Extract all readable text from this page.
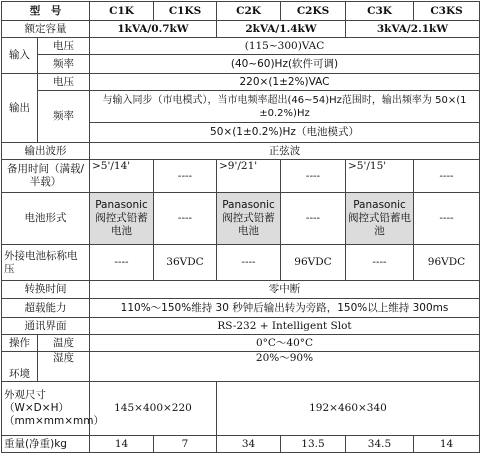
型　号		C1K	C1KS	C2K	C2KS	C3K	C3KS
额定容量		1kVA/0.7kW		2kVA/1.4kW		3kVA/2.1kW	
输入	电压	(115~300)VAC					
	频率	(40~60)Hz(软件可调)					
输出	电压	220×(1±2%)VAC					
	频率	与输入同步（市电模式），当市电频率超出(46~54)Hz范围时，输出频率为 50×(1
±0.2%)Hz					

		50×(1±0.2%)Hz（电池模式）					
输出波形		正弦波					
备用时间（满载/半载）		>5'/14'	----	>9'/21'	----	>5'/15'	----
电池形式		Panasonic 阀控式铅蓄电池	----	Panasonic 阀控式铅蓄电池	----	Panasonic 阀控式铅蓄电池	----
外接电池标称电压		----	36VDC	----	96VDC	----	96VDC
转换时间		零中断					
超载能力		110%～150%维持 30 秒钟后输出转为旁路，150%以上维持 300ms					
通讯界面		RS-232 + Intelligent Slot					
操作	温度	0°C～40°C					
环境	湿度	20%～90%					
外观尺寸（W×D×H）（mm×mm×mm）		145×400×220		192×460×340			
重量(净重)kg		14	7	34	13.5	34.5	14
